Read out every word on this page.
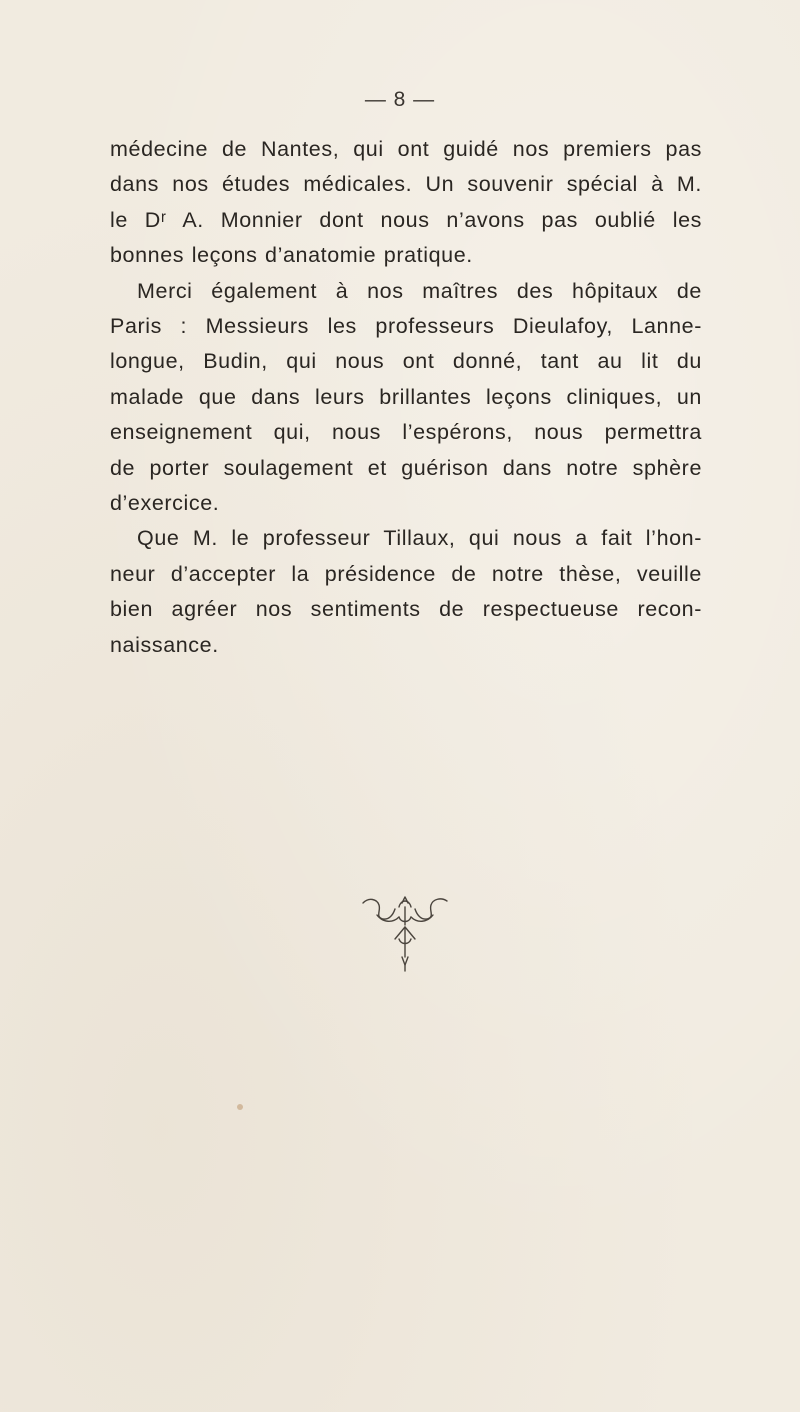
— 8 —
médecine de Nantes, qui ont guidé nos premiers pas
dans nos études médicales. Un souvenir spécial à M.
le Dʳ A. Monnier dont nous n’avons pas oublié les
bonnes leçons d’anatomie pratique.
Merci également à nos maîtres des hôpitaux de
Paris : Messieurs les professeurs Dieulafoy, Lanne-
longue, Budin, qui nous ont donné, tant au lit du
malade que dans leurs brillantes leçons cliniques, un
enseignement qui, nous l’espérons, nous permettra
de porter soulagement et guérison dans notre sphère
d’exercice.
Que M. le professeur Tillaux, qui nous a fait l’hon-
neur d’accepter la présidence de notre thèse, veuille
bien agréer nos sentiments de respectueuse recon-
naissance.
